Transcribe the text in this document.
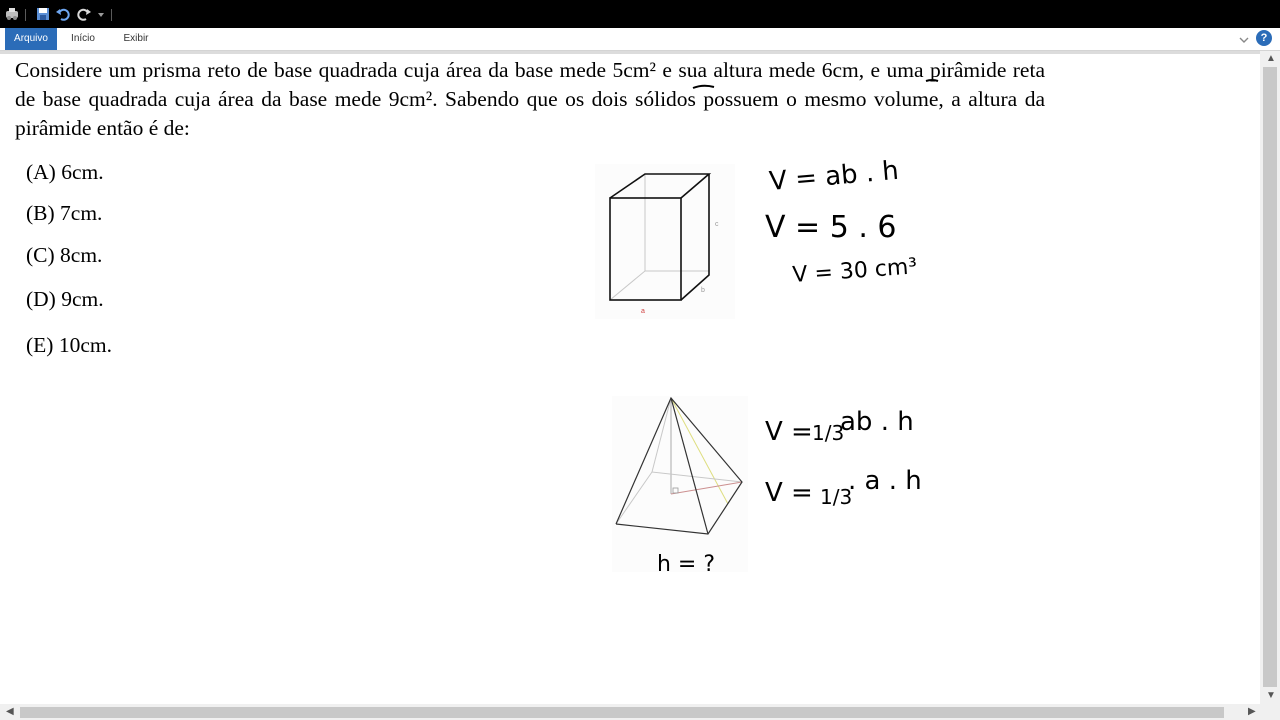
Arquivo	Início	Exibir	?

Considere um prisma reto de base quadrada cuja área da base mede 5cm² e sua altura mede 6cm, e uma pirâmide reta de base quadrada cuja área da base mede 9cm². Sabendo que os dois sólidos possuem o mesmo volume, a altura da pirâmide então é de:

(A) 6cm.
(B) 7cm.
(C) 8cm.
(D) 9cm.
(E) 10cm.
a
b
c
V = ab . h
V = 5 . 6
V = 30 cm³
V = 1/3
ab . h
V = 1/3
. a . h
h = ?
▲
▼
◀	▶
